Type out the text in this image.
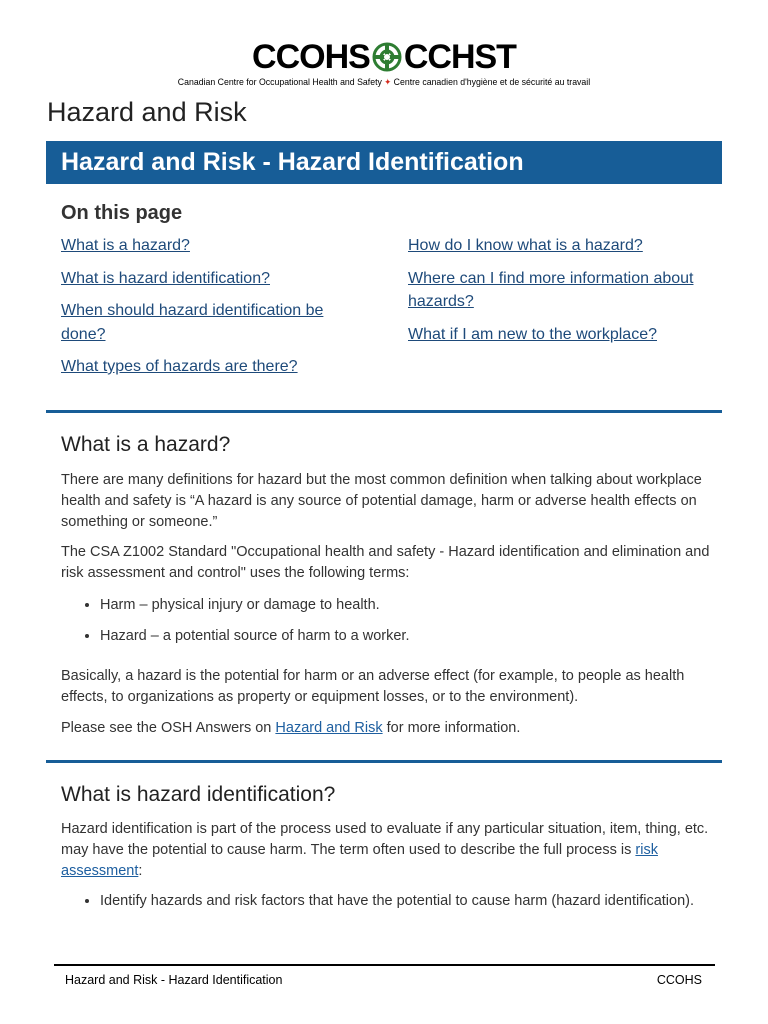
CCOHS CCHST
Canadian Centre for Occupational Health and Safety ✦ Centre canadien d'hygiène et de sécurité au travail
Hazard and Risk
Hazard and Risk - Hazard Identification
On this page
What is a hazard?
What is hazard identification?
When should hazard identification be done?
What types of hazards are there?
How do I know what is a hazard?
Where can I find more information about hazards?
What if I am new to the workplace?
What is a hazard?

There are many definitions for hazard but the most common definition when talking about workplace health and safety is “A hazard is any source of potential damage, harm or adverse health effects on something or someone.”

The CSA Z1002 Standard "Occupational health and safety - Hazard identification and elimination and risk assessment and control" uses the following terms:

• Harm – physical injury or damage to health.
• Hazard – a potential source of harm to a worker.

Basically, a hazard is the potential for harm or an adverse effect (for example, to people as health effects, to organizations as property or equipment losses, or to the environment).

Please see the OSH Answers on Hazard and Risk for more information.

What is hazard identification?

Hazard identification is part of the process used to evaluate if any particular situation, item, thing, etc. may have the potential to cause harm. The term often used to describe the full process is risk assessment:

• Identify hazards and risk factors that have the potential to cause harm (hazard identification).
Hazard and Risk - Hazard Identification	CCOHS
